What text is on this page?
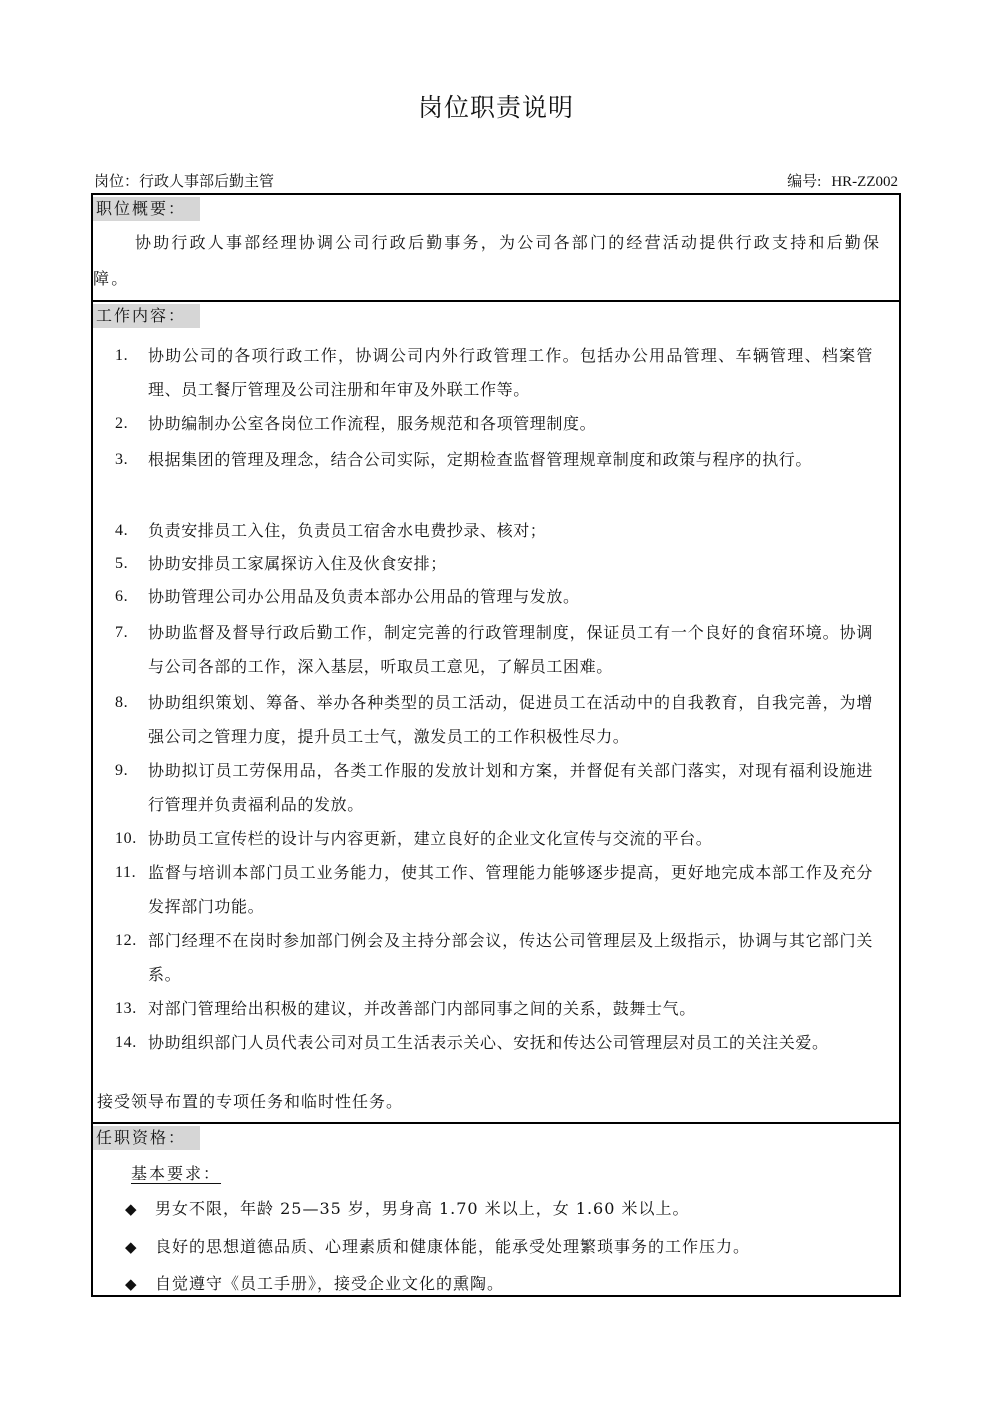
岗位职责说明
岗位：行政人事部后勤主管	编号: HR-ZZ002
职位概要：

协助行政人事部经理协调公司行政后勤事务，为公司各部门的经营活动提供行政支持和后勤保障。

工作内容：
1. 协助公司的各项行政工作，协调公司内外行政管理工作。包括办公用品管理、车辆管理、档案管理、员工餐厅管理及公司注册和年审及外联工作等。
2. 协助编制办公室各岗位工作流程，服务规范和各项管理制度。
3. 根据集团的管理及理念，结合公司实际，定期检查监督管理规章制度和政策与程序的执行。
4. 负责安排员工入住，负责员工宿舍水电费抄录、核对；
5. 协助安排员工家属探访入住及伙食安排；
6. 协助管理公司办公用品及负责本部办公用品的管理与发放。
7. 协助监督及督导行政后勤工作，制定完善的行政管理制度，保证员工有一个良好的食宿环境。协调与公司各部的工作，深入基层，听取员工意见，了解员工困难。
8. 协助组织策划、筹备、举办各种类型的员工活动，促进员工在活动中的自我教育，自我完善，为增强公司之管理力度，提升员工士气，激发员工的工作积极性尽力。
9. 协助拟订员工劳保用品，各类工作服的发放计划和方案，并督促有关部门落实，对现有福利设施进行管理并负责福利品的发放。
10. 协助员工宣传栏的设计与内容更新，建立良好的企业文化宣传与交流的平台。
11. 监督与培训本部门员工业务能力，使其工作、管理能力能够逐步提高，更好地完成本部工作及充分发挥部门功能。
12. 部门经理不在岗时参加部门例会及主持分部会议，传达公司管理层及上级指示，协调与其它部门关系。
13. 对部门管理给出积极的建议，并改善部门内部同事之间的关系，鼓舞士气。
14. 协助组织部门人员代表公司对员工生活表示关心、安抚和传达公司管理层对员工的关注关爱。
接受领导布置的专项任务和临时性任务。
任职资格：
基本要求：
◆ 男女不限，年龄 25—35 岁，男身高 1.70 米以上，女 1.60 米以上。
◆ 良好的思想道德品质、心理素质和健康体能，能承受处理繁琐事务的工作压力。
◆ 自觉遵守《员工手册》，接受企业文化的熏陶。
